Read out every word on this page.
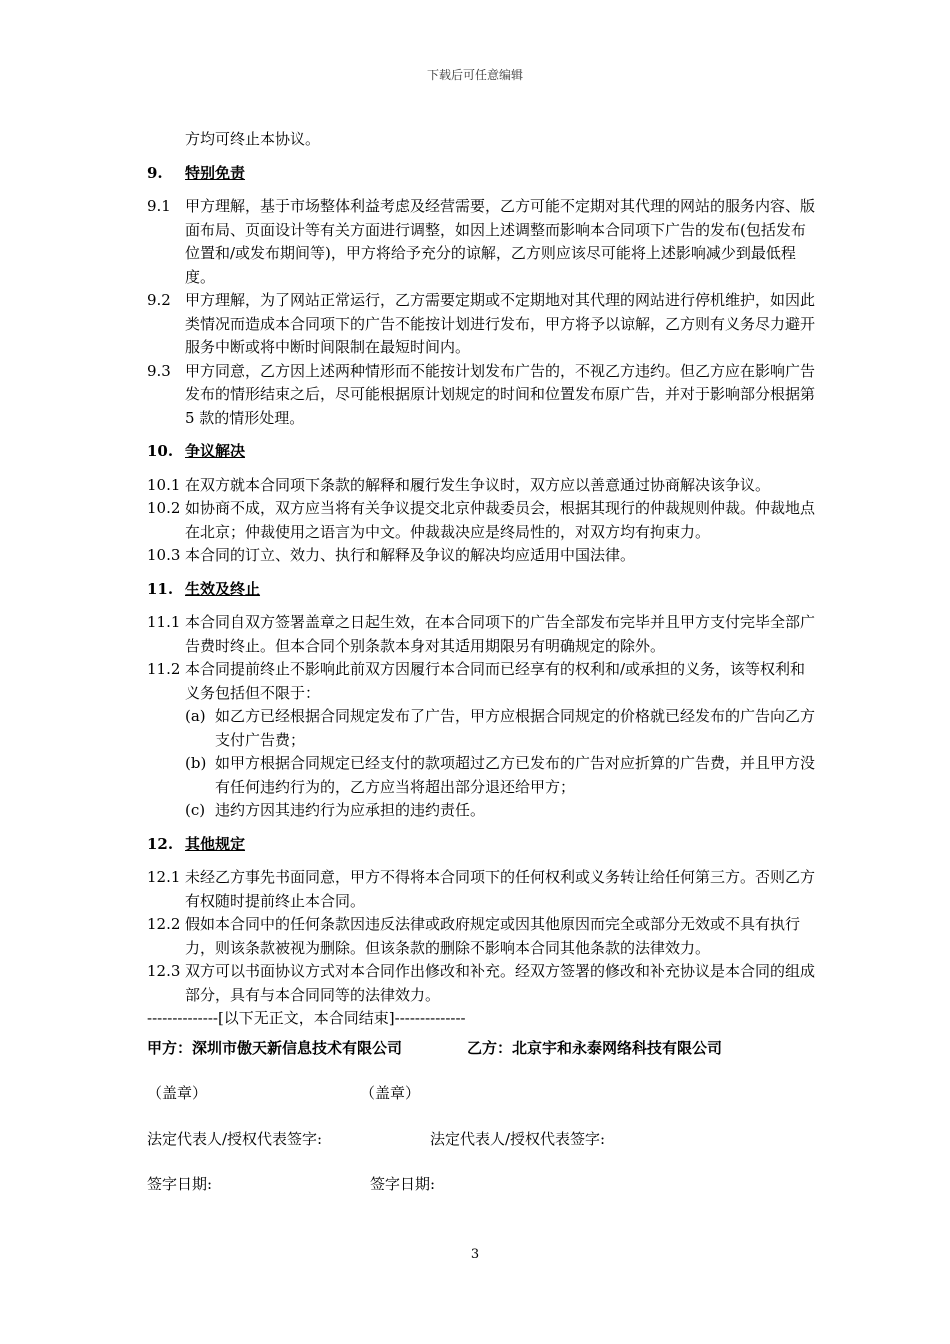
下载后可任意编辑

方均可终止本协议。

9.	特别免责
9.1 甲方理解，基于市场整体利益考虑及经营需要，乙方可能不定期对其代理的网站的服务内容、版面布局、页面设计等有关方面进行调整，如因上述调整而影响本合同项下广告的发布(包括发布位置和/或发布期间等)，甲方将给予充分的谅解，乙方则应该尽可能将上述影响减少到最低程度。
9.2 甲方理解，为了网站正常运行，乙方需要定期或不定期地对其代理的网站进行停机维护，如因此类情况而造成本合同项下的广告不能按计划进行发布，甲方将予以谅解，乙方则有义务尽力避开服务中断或将中断时间限制在最短时间内。
9.3 甲方同意，乙方因上述两种情形而不能按计划发布广告的，不视乙方违约。但乙方应在影响广告发布的情形结束之后，尽可能根据原计划规定的时间和位置发布原广告，并对于影响部分根据第 5 款的情形处理。
10. 争议解决
10.1 在双方就本合同项下条款的解释和履行发生争议时，双方应以善意通过协商解决该争议。
10.2 如协商不成，双方应当将有关争议提交北京仲裁委员会，根据其现行的仲裁规则仲裁。仲裁地点在北京；仲裁使用之语言为中文。仲裁裁决应是终局性的，对双方均有拘束力。
10.3 本合同的订立、效力、执行和解释及争议的解决均应适用中国法律。
11. 生效及终止
11.1 本合同自双方签署盖章之日起生效，在本合同项下的广告全部发布完毕并且甲方支付完毕全部广告费时终止。但本合同个别条款本身对其适用期限另有明确规定的除外。
11.2 本合同提前终止不影响此前双方因履行本合同而已经享有的权利和/或承担的义务，该等权利和义务包括但不限于：
(a) 如乙方已经根据合同规定发布了广告，甲方应根据合同规定的价格就已经发布的广告向乙方支付广告费；
(b) 如甲方根据合同规定已经支付的款项超过乙方已发布的广告对应折算的广告费，并且甲方没有任何违约行为的，乙方应当将超出部分退还给甲方；
(c) 违约方因其违约行为应承担的违约责任。
12. 其他规定
12.1 未经乙方事先书面同意，甲方不得将本合同项下的任何权利或义务转让给任何第三方。否则乙方有权随时提前终止本合同。
12.2 假如本合同中的任何条款因违反法律或政府规定或因其他原因而完全或部分无效或不具有执行力，则该条款被视为删除。但该条款的删除不影响本合同其他条款的法律效力。
12.3 双方可以书面协议方式对本合同作出修改和补充。经双方签署的修改和补充协议是本合同的组成部分，具有与本合同同等的法律效力。
--------------[以下无正文，本合同结束]--------------
甲方：深圳市傲天新信息技术有限公司	乙方：北京宇和永泰网络科技有限公司
（盖章）	（盖章）
法定代表人/授权代表签字:	法定代表人/授权代表签字:
签字日期:	签字日期:
3
